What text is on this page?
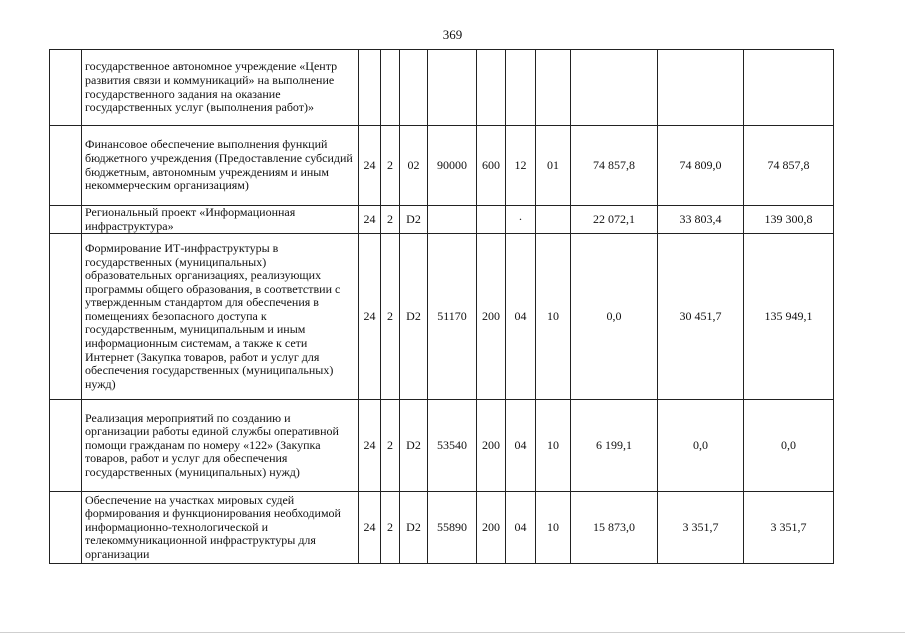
369
	государственное автономное учреждение «Центр развития связи и коммуникаций» на выполнение государственного задания на оказание государственных услуг (выполнения работ)»										
	Финансовое обеспечение выполнения функций бюджетного учреждения (Предоставление субсидий бюджетным, автономным учреждениям и иным некоммерческим организациям)	24	2	02	90000	600	12	01	74 857,8	74 809,0	74 857,8
	Региональный проект «Информационная инфраструктура»	24	2	D2			·		22 072,1	33 803,4	139 300,8
	Формирование ИТ-инфраструктуры в государственных (муниципальных) образовательных организациях, реализующих программы общего образования, в соответствии с утвержденным стандартом для обеспечения в помещениях безопасного доступа к государственным, муниципальным и иным информационным системам, а также к сети Интернет (Закупка товаров, работ и услуг для обеспечения государственных (муниципальных) нужд)	24	2	D2	51170	200	04	10	0,0	30 451,7	135 949,1
	Реализация мероприятий по созданию и организации работы единой службы оперативной помощи гражданам по номеру «122» (Закупка товаров, работ и услуг для обеспечения государственных (муниципальных) нужд)	24	2	D2	53540	200	04	10	6 199,1	0,0	0,0
	Обеспечение на участках мировых судей формирования и функционирования необходимой информационно-технологической и телекоммуникационной инфраструктуры для организации	24	2	D2	55890	200	04	10	15 873,0	3 351,7	3 351,7
